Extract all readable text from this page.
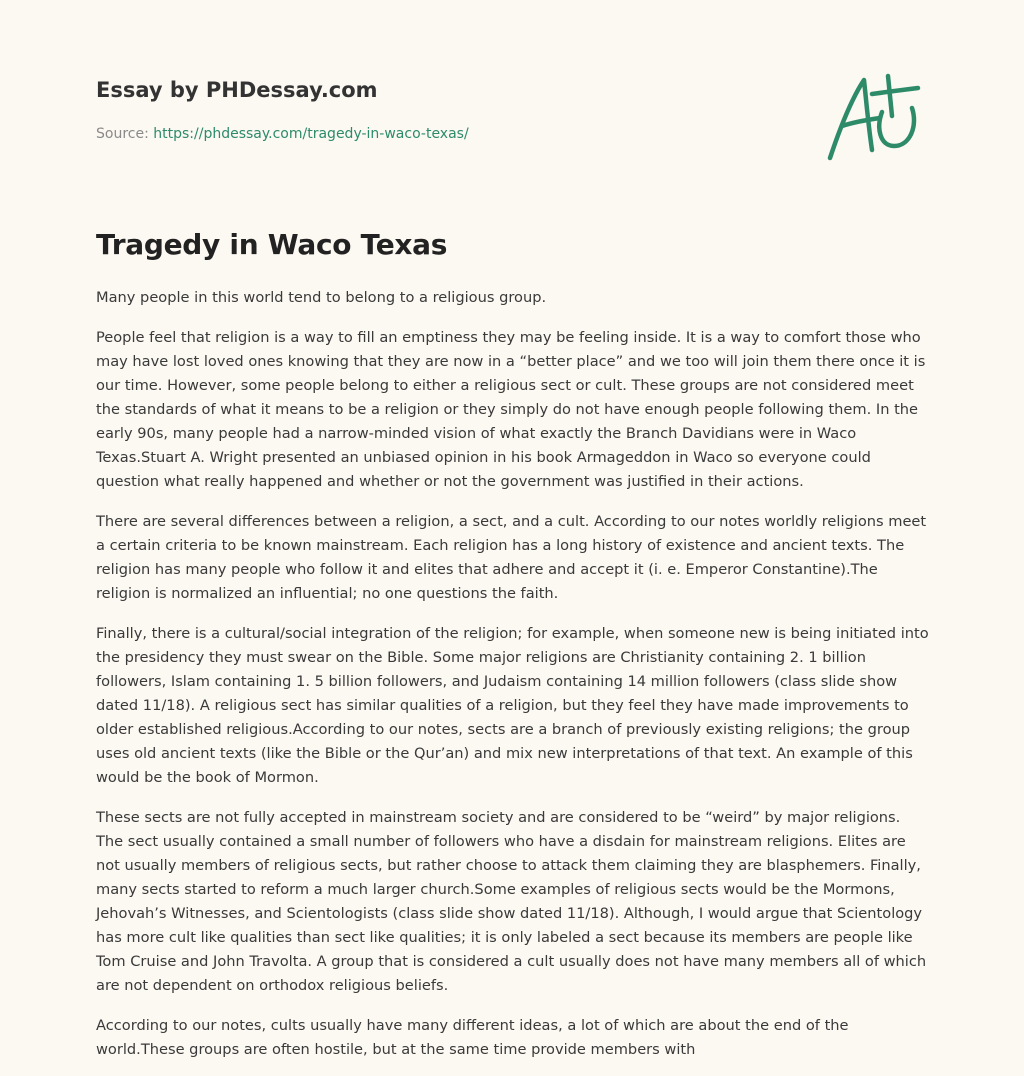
Essay by PHDessay.com
Source: https://phdessay.com/tragedy-in-waco-texas/
Tragedy in Waco Texas

Many people in this world tend to belong to a religious group.

People feel that religion is a way to fill an emptiness they may be feeling inside. It is a way to comfort those who may have lost loved ones knowing that they are now in a “better place” and we too will join them there once it is our time. However, some people belong to either a religious sect or cult. These groups are not considered meet the standards of what it means to be a religion or they simply do not have enough people following them. In the early 90s, many people had a narrow-minded vision of what exactly the Branch Davidians were in Waco Texas.Stuart A. Wright presented an unbiased opinion in his book Armageddon in Waco so everyone could question what really happened and whether or not the government was justified in their actions.

There are several differences between a religion, a sect, and a cult. According to our notes worldly religions meet a certain criteria to be known mainstream. Each religion has a long history of existence and ancient texts. The religion has many people who follow it and elites that adhere and accept it (i. e. Emperor Constantine).The religion is normalized an influential; no one questions the faith.

Finally, there is a cultural/social integration of the religion; for example, when someone new is being initiated into the presidency they must swear on the Bible. Some major religions are Christianity containing 2. 1 billion followers, Islam containing 1. 5 billion followers, and Judaism containing 14 million followers (class slide show dated 11/18). A religious sect has similar qualities of a religion, but they feel they have made improvements to older established religious.According to our notes, sects are a branch of previously existing religions; the group uses old ancient texts (like the Bible or the Qur’an) and mix new interpretations of that text. An example of this would be the book of Mormon.

These sects are not fully accepted in mainstream society and are considered to be “weird” by major religions. The sect usually contained a small number of followers who have a disdain for mainstream religions. Elites are not usually members of religious sects, but rather choose to attack them claiming they are blasphemers. Finally, many sects started to reform a much larger church.Some examples of religious sects would be the Mormons, Jehovah’s Witnesses, and Scientologists (class slide show dated 11/18). Although, I would argue that Scientology has more cult like qualities than sect like qualities; it is only labeled a sect because its members are people like Tom Cruise and John Travolta. A group that is considered a cult usually does not have many members all of which are not dependent on orthodox religious beliefs.

According to our notes, cults usually have many different ideas, a lot of which are about the end of the world.These groups are often hostile, but at the same time provide members with
